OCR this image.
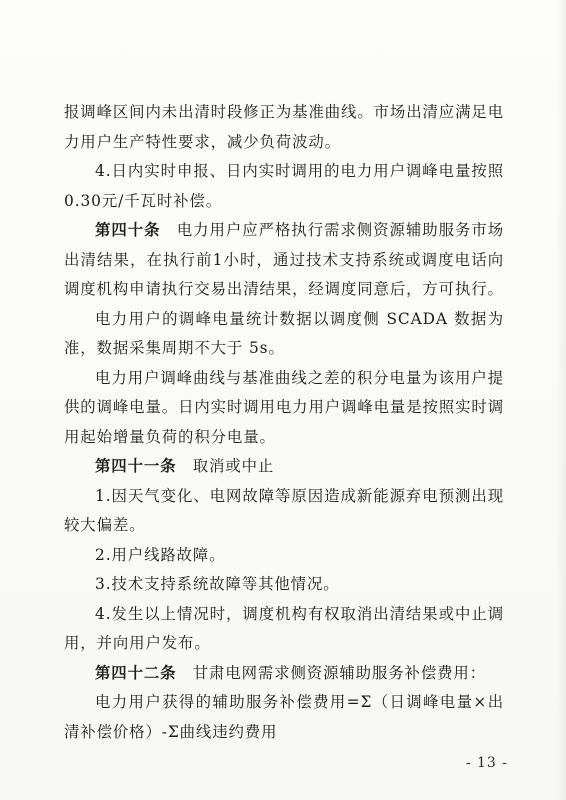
报调峰区间内未出清时段修正为基准曲线。市场出清应满足电力用户生产特性要求，减少负荷波动。

4.日内实时申报、日内实时调用的电力用户调峰电量按照0.30元/千瓦时补偿。

第四十条　电力用户应严格执行需求侧资源辅助服务市场出清结果，在执行前1小时，通过技术支持系统或调度电话向调度机构申请执行交易出清结果，经调度同意后，方可执行。

电力用户的调峰电量统计数据以调度侧 SCADA 数据为准，数据采集周期不大于 5s。

电力用户调峰曲线与基准曲线之差的积分电量为该用户提供的调峰电量。日内实时调用电力用户调峰电量是按照实时调用起始增量负荷的积分电量。

第四十一条　取消或中止

1.因天气变化、电网故障等原因造成新能源弃电预测出现较大偏差。

2.用户线路故障。

3.技术支持系统故障等其他情况。

4.发生以上情况时，调度机构有权取消出清结果或中止调用，并向用户发布。

第四十二条　甘肃电网需求侧资源辅助服务补偿费用：

电力用户获得的辅助服务补偿费用=Σ（日调峰电量×出清补偿价格）-Σ曲线违约费用

- 13 -
